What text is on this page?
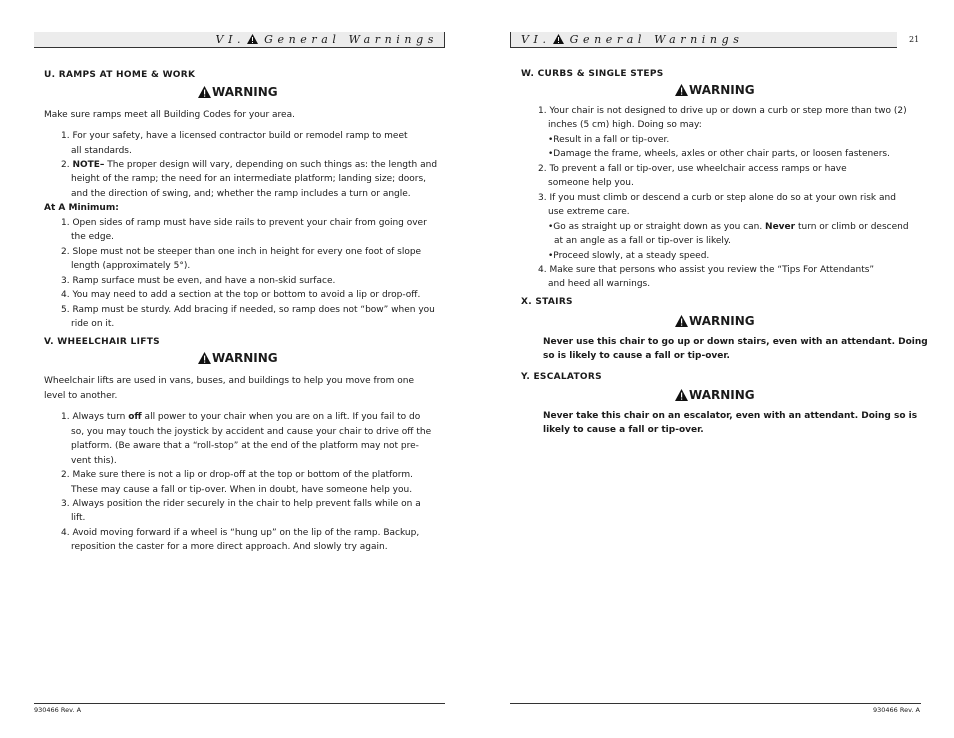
VI. General Warnings
U. RAMPS AT HOME & WORK
WARNING
Make sure ramps meet all Building Codes for your area.
1. For your safety, have a licensed contractor build or remodel ramp to meet
all standards.
2. NOTE– The proper design will vary, depending on such things as: the length and
height of the ramp; the need for an intermediate platform; landing size; doors,
and the direction of swing, and; whether the ramp includes a turn or angle.
At A Minimum:
1. Open sides of ramp must have side rails to prevent your chair from going over
the edge.
2. Slope must not be steeper than one inch in height for every one foot of slope
length (approximately 5°).
3. Ramp surface must be even, and have a non-skid surface.
4. You may need to add a section at the top or bottom to avoid a lip or drop-off.
5. Ramp must be sturdy. Add bracing if needed, so ramp does not “bow” when you
ride on it.
V. WHEELCHAIR LIFTS
WARNING
Wheelchair lifts are used in vans, buses, and buildings to help you move from one
level to another.
1. Always turn off all power to your chair when you are on a lift. If you fail to do
so, you may touch the joystick by accident and cause your chair to drive off the
platform. (Be aware that a “roll-stop” at the end of the platform may not pre-
vent this).
2. Make sure there is not a lip or drop-off at the top or bottom of the platform.
These may cause a fall or tip-over. When in doubt, have someone help you.
3. Always position the rider securely in the chair to help prevent falls while on a
lift.
4. Avoid moving forward if a wheel is “hung up” on the lip of the ramp. Backup,
reposition the caster for a more direct approach. And slowly try again.
930466 Rev. A
VI. General Warnings	21
W. CURBS & SINGLE STEPS
WARNING
1. Your chair is not designed to drive up or down a curb or step more than two (2)
inches (5 cm) high. Doing so may:
•Result in a fall or tip-over.
•Damage the frame, wheels, axles or other chair parts, or loosen fasteners.
2. To prevent a fall or tip-over, use wheelchair access ramps or have
someone help you.
3. If you must climb or descend a curb or step alone do so at your own risk and
use extreme care.
•Go as straight up or straight down as you can. Never turn or climb or descend
at an angle as a fall or tip-over is likely.
•Proceed slowly, at a steady speed.
4. Make sure that persons who assist you review the “Tips For Attendants”
and heed all warnings.
X. STAIRS
WARNING
Never use this chair to go up or down stairs, even with an attendant. Doing
so is likely to cause a fall or tip-over.
Y. ESCALATORS
WARNING
Never take this chair on an escalator, even with an attendant. Doing so is
likely to cause a fall or tip-over.
930466 Rev. A
